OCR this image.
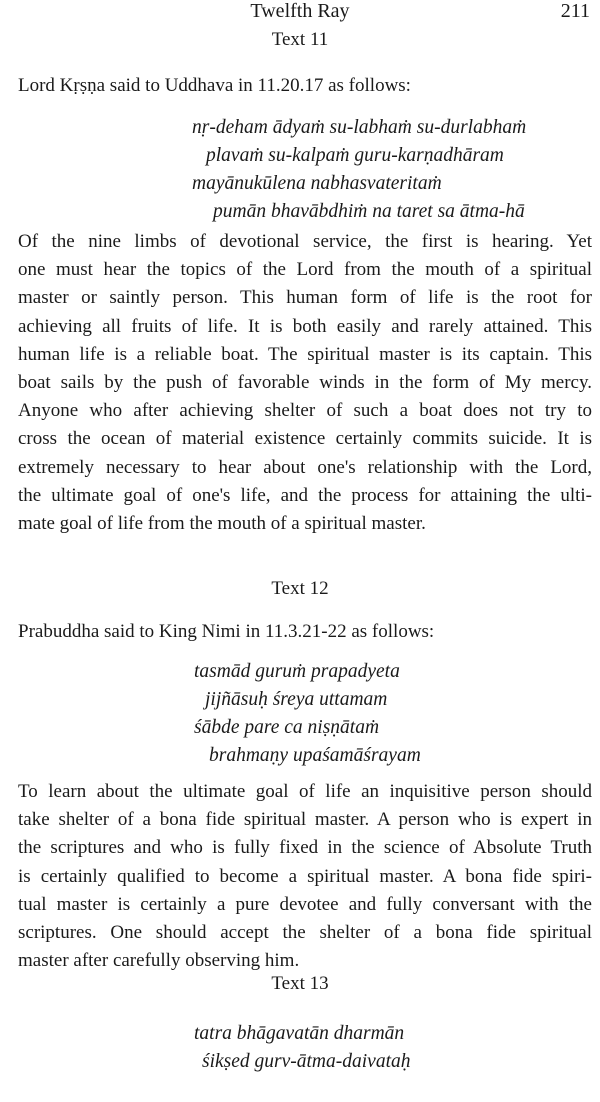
Twelfth Ray	211
Text 11
Lord Kṛṣṇa said to Uddhava in 11.20.17 as follows:
nṛ-deham ādyaṁ su-labhaṁ su-durlabhaṁ
plavaṁ su-kalpaṁ guru-karṇadhāram
mayānukūlena nabhasvateritaṁ
pumān bhavābdhiṁ na taret sa ātma-hā
Of the nine limbs of devotional service, the first is hearing. Yet
one must hear the topics of the Lord from the mouth of a spiritual
master or saintly person. This human form of life is the root for
achieving all fruits of life. It is both easily and rarely attained. This
human life is a reliable boat. The spiritual master is its captain. This
boat sails by the push of favorable winds in the form of My mercy.
Anyone who after achieving shelter of such a boat does not try to
cross the ocean of material existence certainly commits suicide. It is
extremely necessary to hear about one's relationship with the Lord,
the ultimate goal of one's life, and the process for attaining the ulti-
mate goal of life from the mouth of a spiritual master.
Text 12
Prabuddha said to King Nimi in 11.3.21-22 as follows:
tasmād guruṁ prapadyeta
jijñāsuḥ śreya uttamam
śābde pare ca niṣṇātaṁ
brahmaṇy upaśamāśrayam
To learn about the ultimate goal of life an inquisitive person should
take shelter of a bona fide spiritual master. A person who is expert in
the scriptures and who is fully fixed in the science of Absolute Truth
is certainly qualified to become a spiritual master. A bona fide spiri-
tual master is certainly a pure devotee and fully conversant with the
scriptures. One should accept the shelter of a bona fide spiritual
master after carefully observing him.
Text 13
tatra bhāgavatān dharmān
śikṣed gurv-ātma-daivataḥ
